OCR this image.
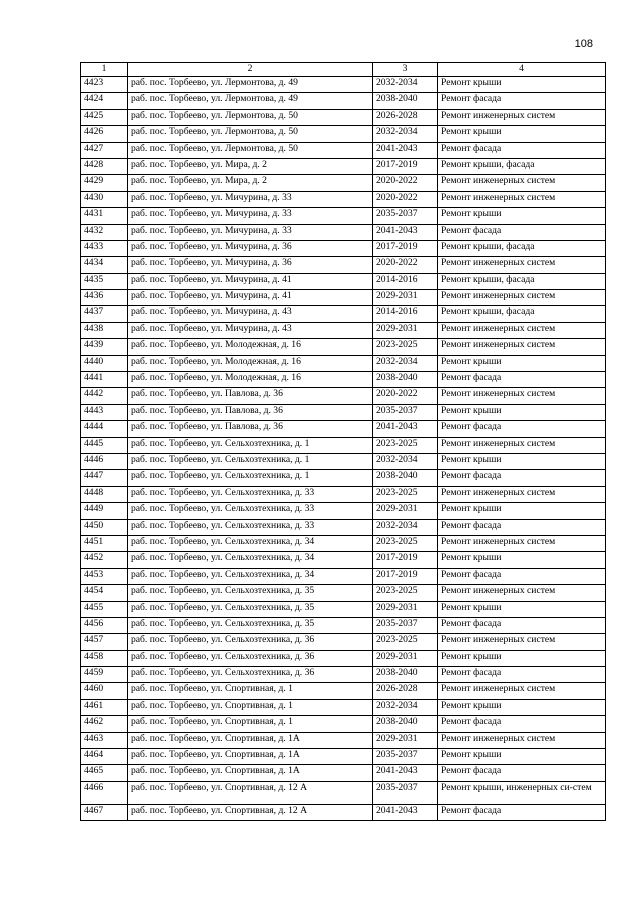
108
1	2	3	4
4423	раб. пос. Торбеево, ул. Лермонтова, д. 49	2032-2034	Ремонт крыши
4424	раб. пос. Торбеево, ул. Лермонтова, д. 49	2038-2040	Ремонт фасада
4425	раб. пос. Торбеево, ул. Лермонтова, д. 50	2026-2028	Ремонт инженерных систем
4426	раб. пос. Торбеево, ул. Лермонтова, д. 50	2032-2034	Ремонт крыши
4427	раб. пос. Торбеево, ул. Лермонтова, д. 50	2041-2043	Ремонт фасада
4428	раб. пос. Торбеево, ул. Мира, д. 2	2017-2019	Ремонт крыши, фасада
4429	раб. пос. Торбеево, ул. Мира, д. 2	2020-2022	Ремонт инженерных систем
4430	раб. пос. Торбеево, ул. Мичурина, д. 33	2020-2022	Ремонт инженерных систем
4431	раб. пос. Торбеево, ул. Мичурина, д. 33	2035-2037	Ремонт крыши
4432	раб. пос. Торбеево, ул. Мичурина, д. 33	2041-2043	Ремонт фасада
4433	раб. пос. Торбеево, ул. Мичурина, д. 36	2017-2019	Ремонт крыши, фасада
4434	раб. пос. Торбеево, ул. Мичурина, д. 36	2020-2022	Ремонт инженерных систем
4435	раб. пос. Торбеево, ул. Мичурина, д. 41	2014-2016	Ремонт крыши, фасада
4436	раб. пос. Торбеево, ул. Мичурина, д. 41	2029-2031	Ремонт инженерных систем
4437	раб. пос. Торбеево, ул. Мичурина, д. 43	2014-2016	Ремонт крыши, фасада
4438	раб. пос. Торбеево, ул. Мичурина, д. 43	2029-2031	Ремонт инженерных систем
4439	раб. пос. Торбеево, ул. Молодежная, д. 16	2023-2025	Ремонт инженерных систем
4440	раб. пос. Торбеево, ул. Молодежная, д. 16	2032-2034	Ремонт крыши
4441	раб. пос. Торбеево, ул. Молодежная, д. 16	2038-2040	Ремонт фасада
4442	раб. пос. Торбеево, ул. Павлова, д. 36	2020-2022	Ремонт инженерных систем
4443	раб. пос. Торбеево, ул. Павлова, д. 36	2035-2037	Ремонт крыши
4444	раб. пос. Торбеево, ул. Павлова, д. 36	2041-2043	Ремонт фасада
4445	раб. пос. Торбеево, ул. Сельхозтехника, д. 1	2023-2025	Ремонт инженерных систем
4446	раб. пос. Торбеево, ул. Сельхозтехника, д. 1	2032-2034	Ремонт крыши
4447	раб. пос. Торбеево, ул. Сельхозтехника, д. 1	2038-2040	Ремонт фасада
4448	раб. пос. Торбеево, ул. Сельхозтехника, д. 33	2023-2025	Ремонт инженерных систем
4449	раб. пос. Торбеево, ул. Сельхозтехника, д. 33	2029-2031	Ремонт крыши
4450	раб. пос. Торбеево, ул. Сельхозтехника, д. 33	2032-2034	Ремонт фасада
4451	раб. пос. Торбеево, ул. Сельхозтехника, д. 34	2023-2025	Ремонт инженерных систем
4452	раб. пос. Торбеево, ул. Сельхозтехника, д. 34	2017-2019	Ремонт крыши
4453	раб. пос. Торбеево, ул. Сельхозтехника, д. 34	2017-2019	Ремонт фасада
4454	раб. пос. Торбеево, ул. Сельхозтехника, д. 35	2023-2025	Ремонт инженерных систем
4455	раб. пос. Торбеево, ул. Сельхозтехника, д. 35	2029-2031	Ремонт крыши
4456	раб. пос. Торбеево, ул. Сельхозтехника, д. 35	2035-2037	Ремонт фасада
4457	раб. пос. Торбеево, ул. Сельхозтехника, д. 36	2023-2025	Ремонт инженерных систем
4458	раб. пос. Торбеево, ул. Сельхозтехника, д. 36	2029-2031	Ремонт крыши
4459	раб. пос. Торбеево, ул. Сельхозтехника, д. 36	2038-2040	Ремонт фасада
4460	раб. пос. Торбеево, ул. Спортивная, д. 1	2026-2028	Ремонт инженерных систем
4461	раб. пос. Торбеево, ул. Спортивная, д. 1	2032-2034	Ремонт крыши
4462	раб. пос. Торбеево, ул. Спортивная, д. 1	2038-2040	Ремонт фасада
4463	раб. пос. Торбеево, ул. Спортивная, д. 1А	2029-2031	Ремонт инженерных систем
4464	раб. пос. Торбеево, ул. Спортивная, д. 1А	2035-2037	Ремонт крыши
4465	раб. пос. Торбеево, ул. Спортивная, д. 1А	2041-2043	Ремонт фасада
4466	раб. пос. Торбеево, ул. Спортивная, д. 12 А	2035-2037	Ремонт крыши, инженерных си-стем
4467	раб. пос. Торбеево, ул. Спортивная, д. 12 А	2041-2043	Ремонт фасада
